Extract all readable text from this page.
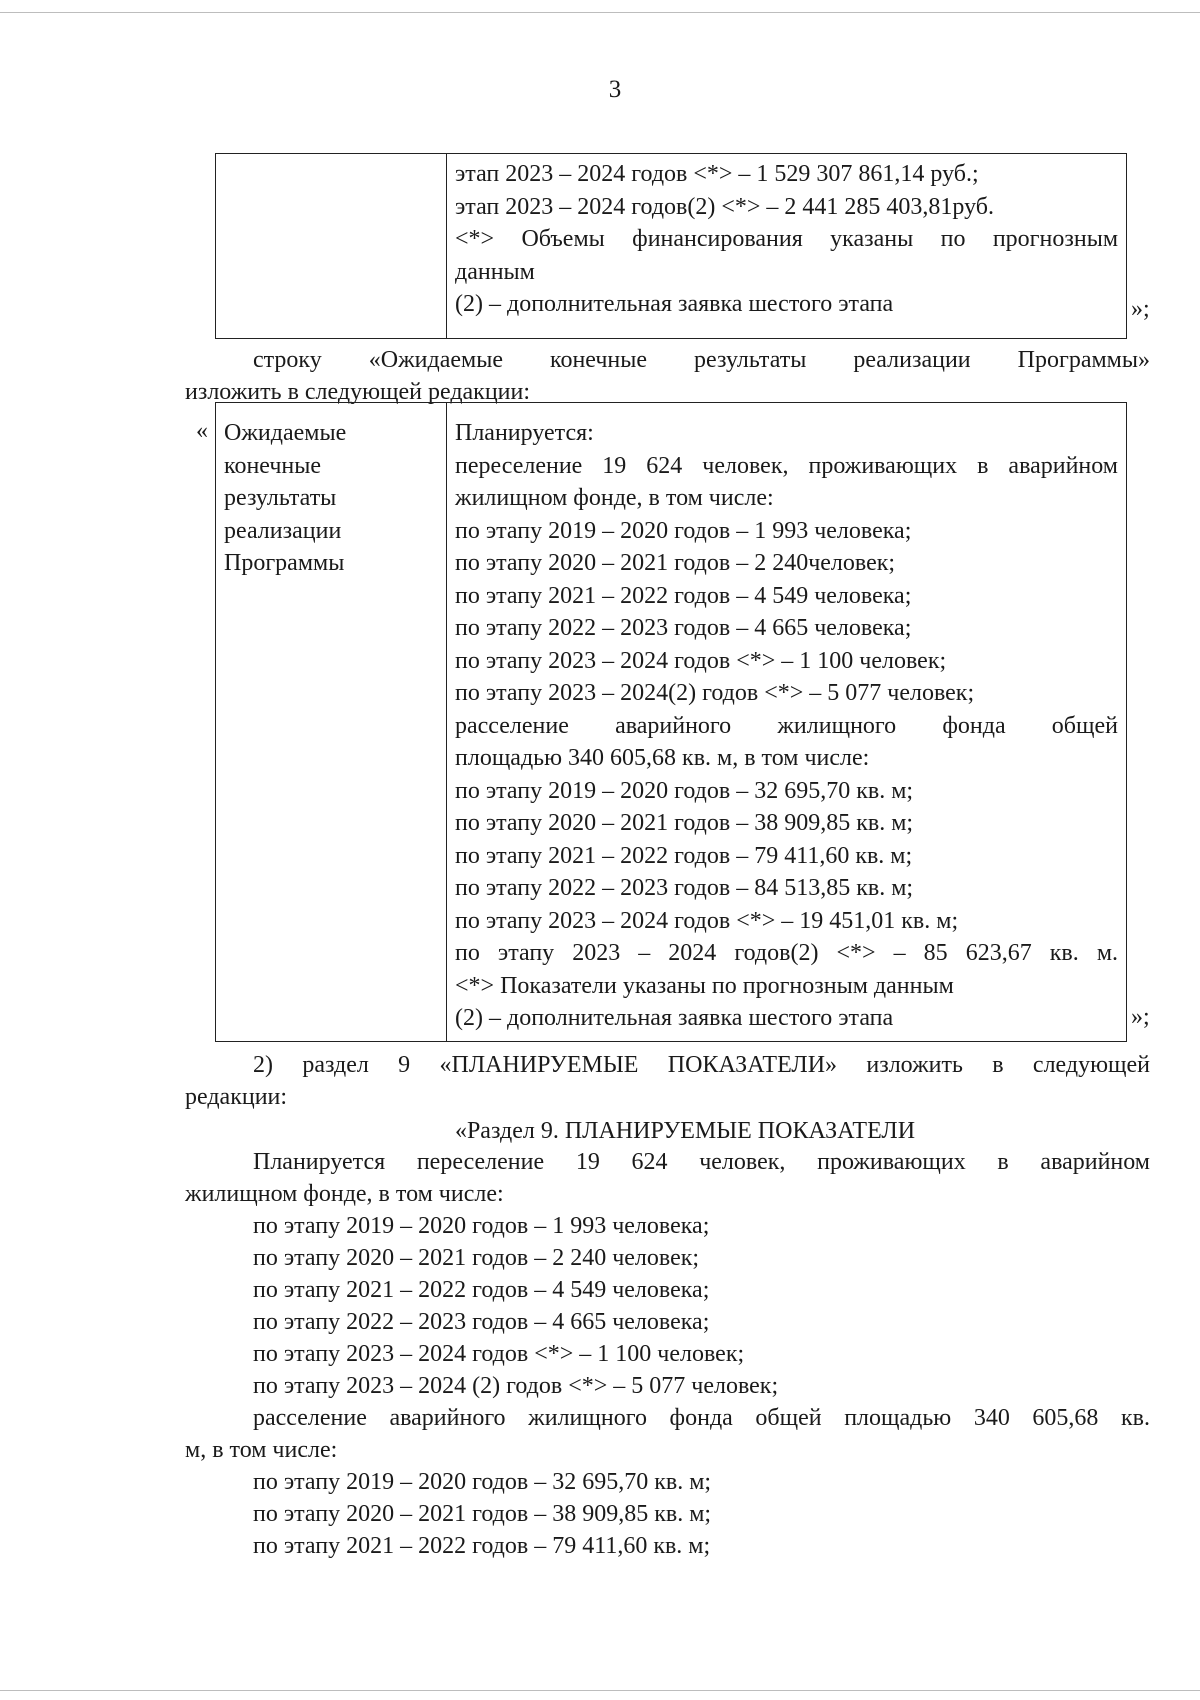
3
этап 2023 – 2024 годов <*> – 1 529 307 861,14 руб.;
этап 2023 – 2024 годов(2) <*> – 2 441 285 403,81руб.
<*> Объемы финансирования указаны по прогнозным
данным
(2) – дополнительная заявка шестого этапа	»;
строку «Ожидаемые конечные результаты реализации Программы»
изложить в следующей редакции:
« Ожидаемые
конечные
результаты
реализации
Программы
Планируется:
переселение 19 624 человек, проживающих в аварийном
жилищном фонде, в том числе:
по этапу 2019 – 2020 годов – 1 993 человека;
по этапу 2020 – 2021 годов – 2 240человек;
по этапу 2021 – 2022 годов – 4 549 человека;
по этапу 2022 – 2023 годов – 4 665 человека;
по этапу 2023 – 2024 годов <*> – 1 100 человек;
по этапу 2023 – 2024(2) годов <*> – 5 077 человек;
расселение аварийного жилищного фонда общей
площадью 340 605,68 кв. м, в том числе:
по этапу 2019 – 2020 годов – 32 695,70 кв. м;
по этапу 2020 – 2021 годов – 38 909,85 кв. м;
по этапу 2021 – 2022 годов – 79 411,60 кв. м;
по этапу 2022 – 2023 годов – 84 513,85 кв. м;
по этапу 2023 – 2024 годов <*> – 19 451,01 кв. м;
по этапу 2023 – 2024 годов(2) <*> – 85 623,67 кв. м.
<*> Показатели указаны по прогнозным данным
(2) – дополнительная заявка шестого этапа	»;
2) раздел 9 «ПЛАНИРУЕМЫЕ ПОКАЗАТЕЛИ» изложить в следующей
редакции:
«Раздел 9. ПЛАНИРУЕМЫЕ ПОКАЗАТЕЛИ
Планируется переселение 19 624 человек, проживающих в аварийном
жилищном фонде, в том числе:
по этапу 2019 – 2020 годов – 1 993 человека;
по этапу 2020 – 2021 годов – 2 240 человек;
по этапу 2021 – 2022 годов – 4 549 человека;
по этапу 2022 – 2023 годов – 4 665 человека;
по этапу 2023 – 2024 годов <*> – 1 100 человек;
по этапу 2023 – 2024 (2) годов <*> – 5 077 человек;
расселение аварийного жилищного фонда общей площадью 340 605,68 кв.
м, в том числе:
по этапу 2019 – 2020 годов – 32 695,70 кв. м;
по этапу 2020 – 2021 годов – 38 909,85 кв. м;
по этапу 2021 – 2022 годов – 79 411,60 кв. м;
